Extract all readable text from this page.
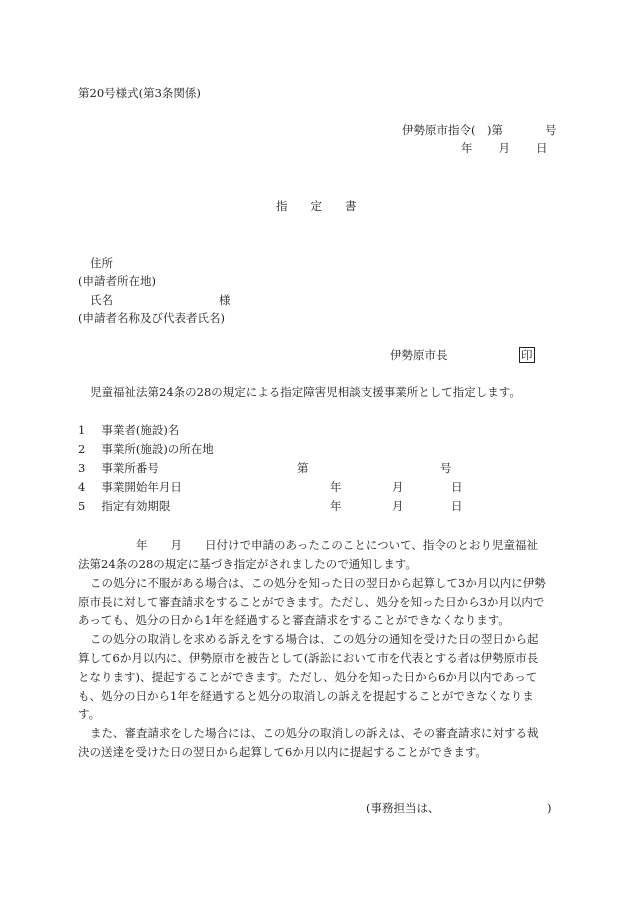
第20号様式(第3条関係)
伊勢原市指令(　)第	号
年 月 日
指　　定　　書
住所
(申請者所在地)
氏名	様
(申請者名称及び代表者氏名)
伊勢原市長	印
児童福祉法第24条の28の規定による指定障害児相談支援事業所として指定します。
1 事業者(施設)名
2 事業所(施設)の所在地
3 事業所番号	第	号
4 事業開始年月日	年	月	日
5 指定有効期限	年	月	日
年　　月　　日付けで申請のあったこのことについて、指令のとおり児童福祉
法第24条の28の規定に基づき指定がされましたので通知します。
この処分に不服がある場合は、この処分を知った日の翌日から起算して3か月以内に伊勢
原市長に対して審査請求をすることができます。ただし、処分を知った日から3か月以内で
あっても、処分の日から1年を経過すると審査請求をすることができなくなります。
この処分の取消しを求める訴えをする場合は、この処分の通知を受けた日の翌日から起
算して6か月以内に、伊勢原市を被告として(訴訟において市を代表とする者は伊勢原市長
となります)、提起することができます。ただし、処分を知った日から6か月以内であって
も、処分の日から1年を経過すると処分の取消しの訴えを提起することができなくなりま
す。
また、審査請求をした場合には、この処分の取消しの訴えは、その審査請求に対する裁
決の送達を受けた日の翌日から起算して6か月以内に提起することができます。
(事務担当は、	)
